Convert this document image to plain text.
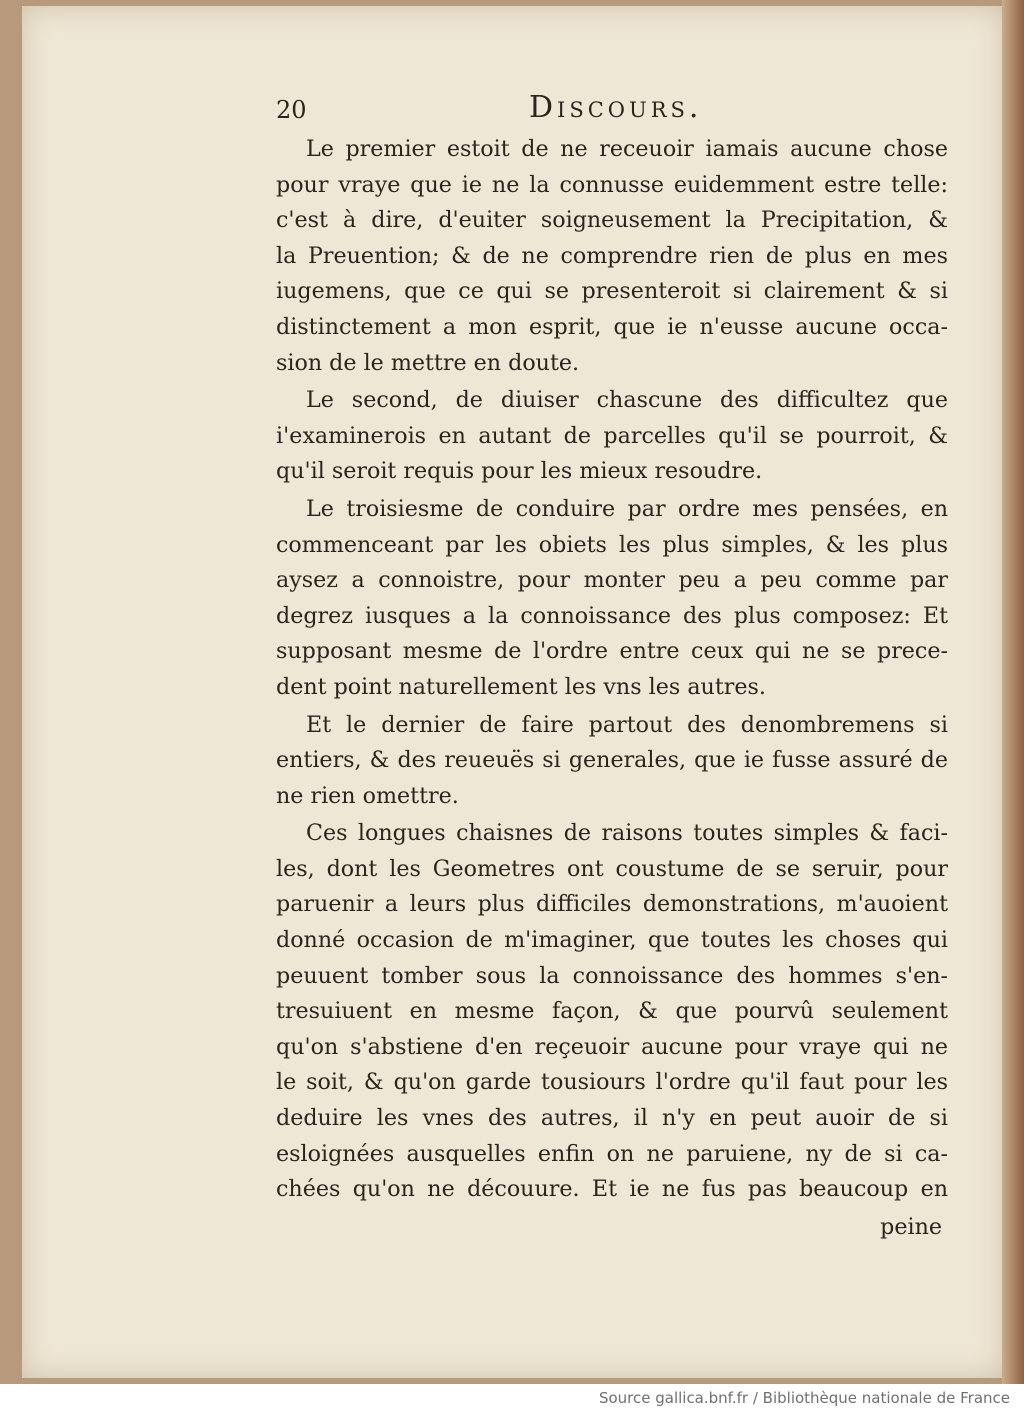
20	Discours.
Le premier estoit de ne receuoir iamais aucune chose
pour vraye que ie ne la connusse euidemment estre telle:
c'est à dire, d'euiter soigneusement la Precipitation, &
la Preuention; & de ne comprendre rien de plus en mes
iugemens, que ce qui se presenteroit si clairement & si
distinctement a mon esprit, que ie n'eusse aucune occa-
sion de le mettre en doute.
Le second, de diuiser chascune des difficultez que
i'examinerois en autant de parcelles qu'il se pourroit, &
qu'il seroit requis pour les mieux resoudre.
Le troisiesme de conduire par ordre mes pensées, en
commenceant par les obiets les plus simples, & les plus
aysez a connoistre, pour monter peu a peu comme par
degrez iusques a la connoissance des plus composez: Et
supposant mesme de l'ordre entre ceux qui ne se prece-
dent point naturellement les vns les autres.
Et le dernier de faire partout des denombremens si
entiers, & des reueuës si generales, que ie fusse assuré de
ne rien omettre.
Ces longues chaisnes de raisons toutes simples & faci-
les, dont les Geometres ont coustume de se seruir, pour
paruenir a leurs plus difficiles demonstrations, m'auoient
donné occasion de m'imaginer, que toutes les choses qui
peuuent tomber sous la connoissance des hommes s'en-
tresuiuent en mesme façon, & que pourvû seulement
qu'on s'abstiene d'en reçeuoir aucune pour vraye qui ne
le soit, & qu'on garde tousiours l'ordre qu'il faut pour les
deduire les vnes des autres, il n'y en peut auoir de si
esloignées ausquelles enfin on ne paruiene, ny de si ca-
chées qu'on ne découure. Et ie ne fus pas beaucoup en
peine
Source gallica.bnf.fr / Bibliothèque nationale de France
